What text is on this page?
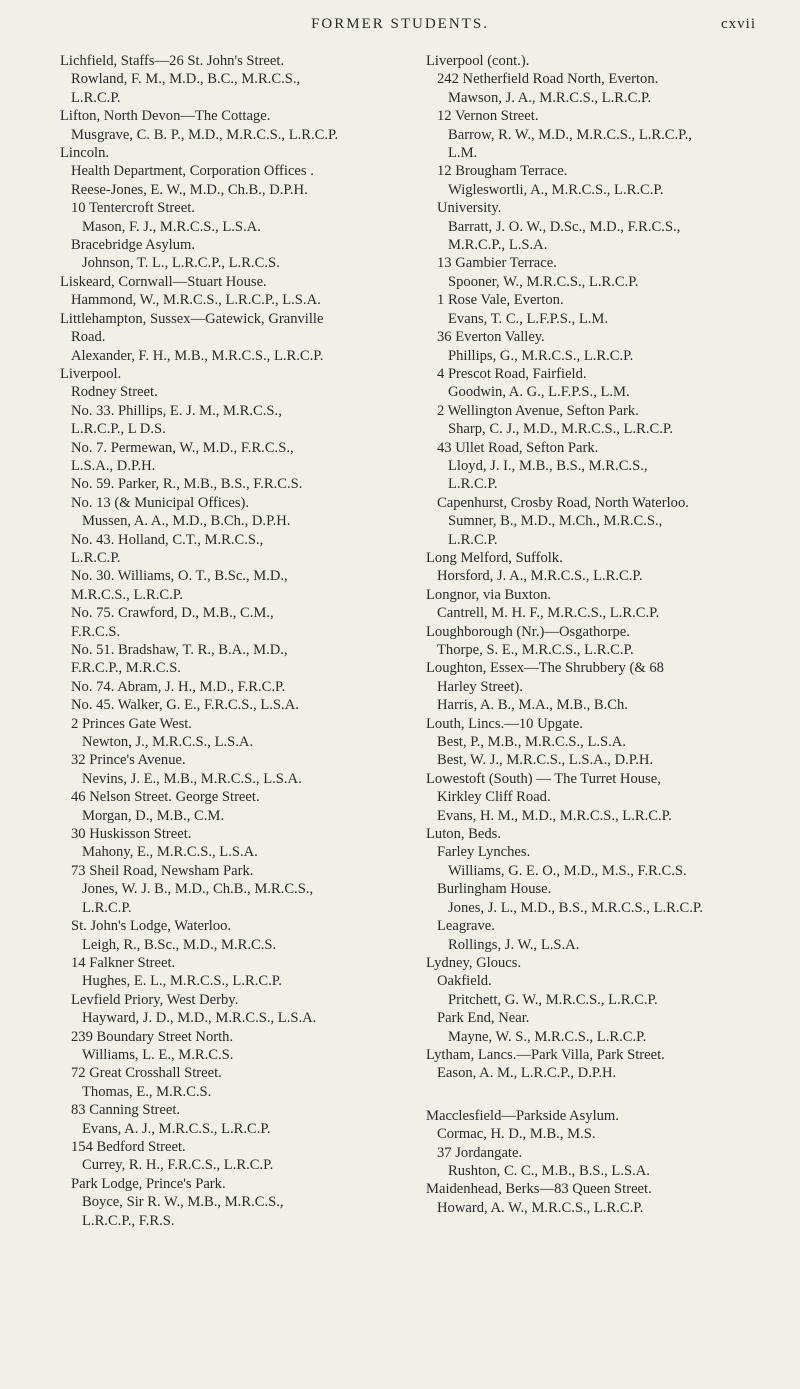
FORMER STUDENTS.	cxvii
Lichfield, Staffs—26 St. John's Street.
Rowland, F. M., M.D., B.C., M.R.C.S.,
L.R.C.P.
Lifton, North Devon—The Cottage.
Musgrave, C. B. P., M.D., M.R.C.S., L.R.C.P.
Lincoln.
Health Department, Corporation Offices .
Reese-Jones, E. W., M.D., Ch.B., D.P.H.
10 Tentercroft Street.
Mason, F. J., M.R.C.S., L.S.A.
Bracebridge Asylum.
Johnson, T. L., L.R.C.P., L.R.C.S.
Liskeard, Cornwall—Stuart House.
Hammond, W., M.R.C.S., L.R.C.P., L.S.A.
Littlehampton, Sussex—Gatewick, Granville
Road.
Alexander, F. H., M.B., M.R.C.S., L.R.C.P.
Liverpool.
Rodney Street.
No. 33. Phillips, E. J. M., M.R.C.S.,
L.R.C.P., L D.S.
No. 7. Permewan, W., M.D., F.R.C.S.,
L.S.A., D.P.H.
No. 59. Parker, R., M.B., B.S., F.R.C.S.
No. 13 (& Municipal Offices).
Mussen, A. A., M.D., B.Ch., D.P.H.
No. 43. Holland, C.T., M.R.C.S.,
L.R.C.P.
No. 30. Williams, O. T., B.Sc., M.D.,
M.R.C.S., L.R.C.P.
No. 75. Crawford, D., M.B., C.M.,
F.R.C.S.
No. 51. Bradshaw, T. R., B.A., M.D.,
F.R.C.P., M.R.C.S.
No. 74. Abram, J. H., M.D., F.R.C.P.
No. 45. Walker, G. E., F.R.C.S., L.S.A.
2 Princes Gate West.
Newton, J., M.R.C.S., L.S.A.
32 Prince's Avenue.
Nevins, J. E., M.B., M.R.C.S., L.S.A.
46 Nelson Street. George Street.
Morgan, D., M.B., C.M.
30 Huskisson Street.
Mahony, E., M.R.C.S., L.S.A.
73 Sheil Road, Newsham Park.
Jones, W. J. B., M.D., Ch.B., M.R.C.S.,
L.R.C.P.
St. John's Lodge, Waterloo.
Leigh, R., B.Sc., M.D., M.R.C.S.
14 Falkner Street.
Hughes, E. L., M.R.C.S., L.R.C.P.
Levfield Priory, West Derby.
Hayward, J. D., M.D., M.R.C.S., L.S.A.
239 Boundary Street North.
Williams, L. E., M.R.C.S.
72 Great Crosshall Street.
Thomas, E., M.R.C.S.
83 Canning Street.
Evans, A. J., M.R.C.S., L.R.C.P.
154 Bedford Street.
Currey, R. H., F.R.C.S., L.R.C.P.
Park Lodge, Prince's Park.
Boyce, Sir R. W., M.B., M.R.C.S.,
L.R.C.P., F.R.S.
Liverpool (cont.).
242 Netherfield Road North, Everton.
Mawson, J. A., M.R.C.S., L.R.C.P.
12 Vernon Street.
Barrow, R. W., M.D., M.R.C.S., L.R.C.P.,
L.M.
12 Brougham Terrace.
Wigleswortli, A., M.R.C.S., L.R.C.P.
University.
Barratt, J. O. W., D.Sc., M.D., F.R.C.S.,
M.R.C.P., L.S.A.
13 Gambier Terrace.
Spooner, W., M.R.C.S., L.R.C.P.
1 Rose Vale, Everton.
Evans, T. C., L.F.P.S., L.M.
36 Everton Valley.
Phillips, G., M.R.C.S., L.R.C.P.
4 Prescot Road, Fairfield.
Goodwin, A. G., L.F.P.S., L.M.
2 Wellington Avenue, Sefton Park.
Sharp, C. J., M.D., M.R.C.S., L.R.C.P.
43 Ullet Road, Sefton Park.
Lloyd, J. I., M.B., B.S., M.R.C.S.,
L.R.C.P.
Capenhurst, Crosby Road, North Waterloo.
Sumner, B., M.D., M.Ch., M.R.C.S.,
L.R.C.P.
Long Melford, Suffolk.
Horsford, J. A., M.R.C.S., L.R.C.P.
Longnor, via Buxton.
Cantrell, M. H. F., M.R.C.S., L.R.C.P.
Loughborough (Nr.)—Osgathorpe.
Thorpe, S. E., M.R.C.S., L.R.C.P.
Loughton, Essex—The Shrubbery (& 68
Harley Street).
Harris, A. B., M.A., M.B., B.Ch.
Louth, Lincs.—10 Upgate.
Best, P., M.B., M.R.C.S., L.S.A.
Best, W. J., M.R.C.S., L.S.A., D.P.H.
Lowestoft (South) — The Turret House,
Kirkley Cliff Road.
Evans, H. M., M.D., M.R.C.S., L.R.C.P.
Luton, Beds.
Farley Lynches.
Williams, G. E. O., M.D., M.S., F.R.C.S.
Burlingham House.
Jones, J. L., M.D., B.S., M.R.C.S., L.R.C.P.
Leagrave.
Rollings, J. W., L.S.A.
Lydney, Gloucs.
Oakfield.
Pritchett, G. W., M.R.C.S., L.R.C.P.
Park End, Near.
Mayne, W. S., M.R.C.S., L.R.C.P.
Lytham, Lancs.—Park Villa, Park Street.
Eason, A. M., L.R.C.P., D.P.H.
Macclesfield—Parkside Asylum.
Cormac, H. D., M.B., M.S.
37 Jordangate.
Rushton, C. C., M.B., B.S., L.S.A.
Maidenhead, Berks—83 Queen Street.
Howard, A. W., M.R.C.S., L.R.C.P.
